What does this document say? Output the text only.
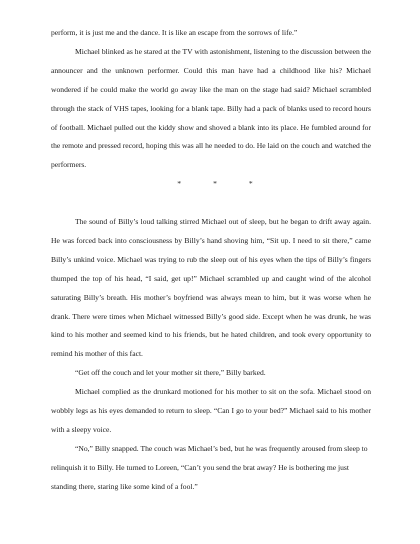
perform, it is just me and the dance. It is like an escape from the sorrows of life.”

Michael blinked as he stared at the TV with astonishment, listening to the discussion between the announcer and the unknown performer. Could this man have had a childhood like his? Michael wondered if he could make the world go away like the man on the stage had said? Michael scrambled through the stack of VHS tapes, looking for a blank tape. Billy had a pack of blanks used to record hours of football. Michael pulled out the kiddy show and shoved a blank into its place. He fumbled around for the remote and pressed record, hoping this was all he needed to do. He laid on the couch and watched the performers.

*	*	*

The sound of Billy’s loud talking stirred Michael out of sleep, but he began to drift away again. He was forced back into consciousness by Billy’s hand shoving him, “Sit up. I need to sit there,” came Billy’s unkind voice. Michael was trying to rub the sleep out of his eyes when the tips of Billy’s fingers thumped the top of his head, “I said, get up!” Michael scrambled up and caught wind of the alcohol saturating Billy’s breath. His mother’s boyfriend was always mean to him, but it was worse when he drank. There were times when Michael witnessed Billy’s good side. Except when he was drunk, he was kind to his mother and seemed kind to his friends, but he hated children, and took every opportunity to remind his mother of this fact.

“Get off the couch and let your mother sit there,” Billy barked.

Michael complied as the drunkard motioned for his mother to sit on the sofa. Michael stood on wobbly legs as his eyes demanded to return to sleep. “Can I go to your bed?” Michael said to his mother with a sleepy voice.

“No,” Billy snapped. The couch was Michael’s bed, but he was frequently aroused from sleep to relinquish it to Billy. He turned to Loreen, “Can’t you send the brat away? He is bothering me just standing there, staring like some kind of a fool.”
